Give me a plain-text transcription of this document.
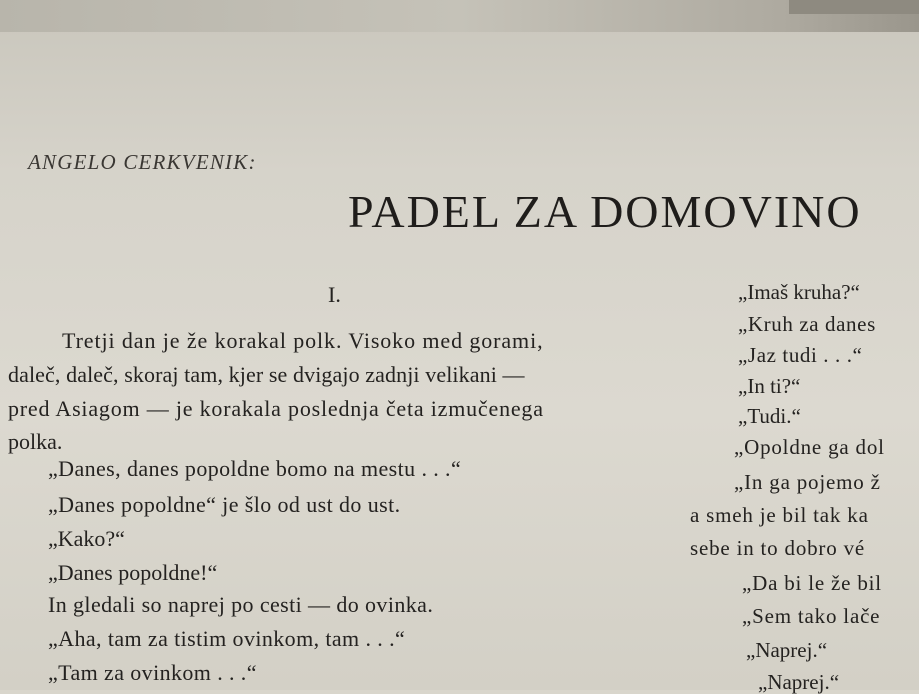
ANGELO CERKVENIK:
PADEL ZA DOMOVINO
I.
Tretji dan je že korakal polk. Visoko med gorami,
daleč, daleč, skoraj tam, kjer se dvigajo zadnji velikani —
pred Asiagom — je korakala poslednja četa izmučenega
polka.
„Danes, danes popoldne bomo na mestu . . .“
„Danes popoldne“ je šlo od ust do ust.
„Kako?“
„Danes popoldne!“
In gledali so naprej po cesti — do ovinka.
„Aha, tam za tistim ovinkom, tam . . .“
„Tam za ovinkom . . .“
„Imaš kruha?“
„Kruh za danes
„Jaz tudi . . .“
„In ti?“
„Tudi.“
„Opoldne ga dol
„In ga pojemo ž
a smeh je bil tak ka
sebe in to dobro vé
„Da bi le že bil
„Sem tako lače
„Naprej.“
„Naprej.“
